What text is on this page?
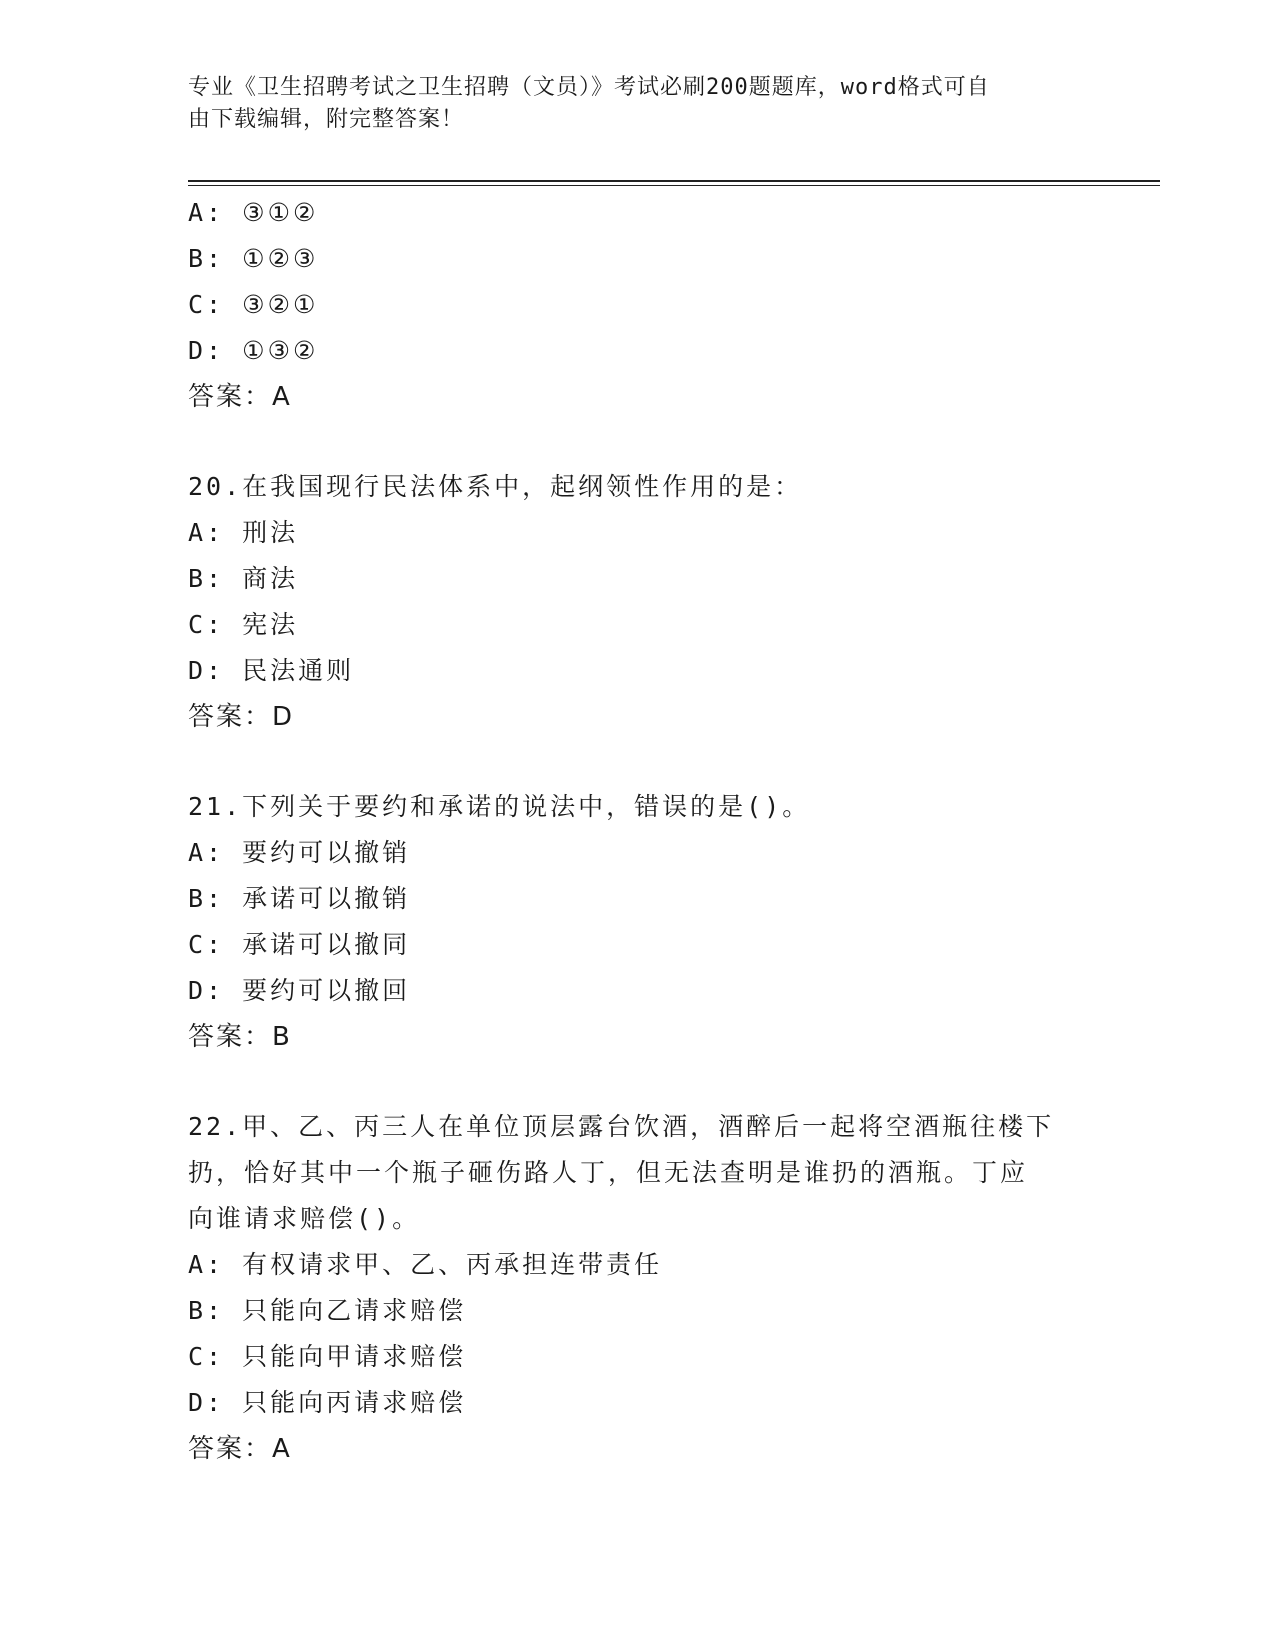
专业《卫生招聘考试之卫生招聘（文员）》考试必刷200题题库，word格式可自
由下载编辑，附完整答案！
A: ③①②
B: ①②③
C: ③②①
D: ①③②
答案：A
20.在我国现行民法体系中，起纲领性作用的是：
A: 刑法
B: 商法
C: 宪法
D: 民法通则
答案：D
21.下列关于要约和承诺的说法中，错误的是()。
A: 要约可以撤销
B: 承诺可以撤销
C: 承诺可以撤同
D: 要约可以撤回
答案：B
22.甲、乙、丙三人在单位顶层露台饮酒，酒醉后一起将空酒瓶往楼下
扔，恰好其中一个瓶子砸伤路人丁，但无法查明是谁扔的酒瓶。丁应
向谁请求赔偿()。
A: 有权请求甲、乙、丙承担连带责任
B: 只能向乙请求赔偿
C: 只能向甲请求赔偿
D: 只能向丙请求赔偿
答案：A
